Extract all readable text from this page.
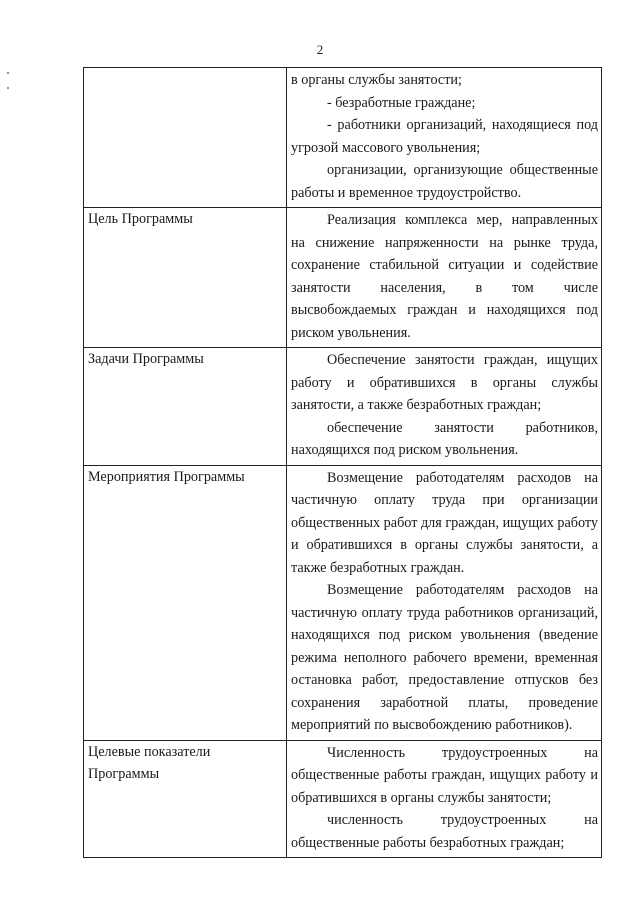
2

	в органы службы занятости;

- безработные граждане;

- работники организаций, находящиеся под угрозой массового увольнения;

организации, организующие общественные работы и временное трудоустройство.

Цель Программы	Реализация комплекса мер, направленных на снижение напряженности на рынке труда, сохранение стабильной ситуации и содействие занятости населения, в том числе высвобождаемых граждан и находящихся под риском увольнения.

Задачи Программы	Обеспечение занятости граждан, ищущих работу и обратившихся в органы службы занятости, а также безработных граждан;

обеспечение занятости работников, находящихся под риском увольнения.

Мероприятия Программы	Возмещение работодателям расходов на частичную оплату труда при организации общественных работ для граждан, ищущих работу и обратившихся в органы службы занятости, а также безработных граждан.

Возмещение работодателям расходов на частичную оплату труда работников организаций, находящихся под риском увольнения (введение режима неполного рабочего времени, временная остановка работ, предоставление отпусков без сохранения заработной платы, проведение мероприятий по высвобождению работников).

Целевые показатели Программы	Численность трудоустроенных на общественные работы граждан, ищущих работу и обратившихся в органы службы занятости;

численность трудоустроенных на общественные работы безработных граждан;
